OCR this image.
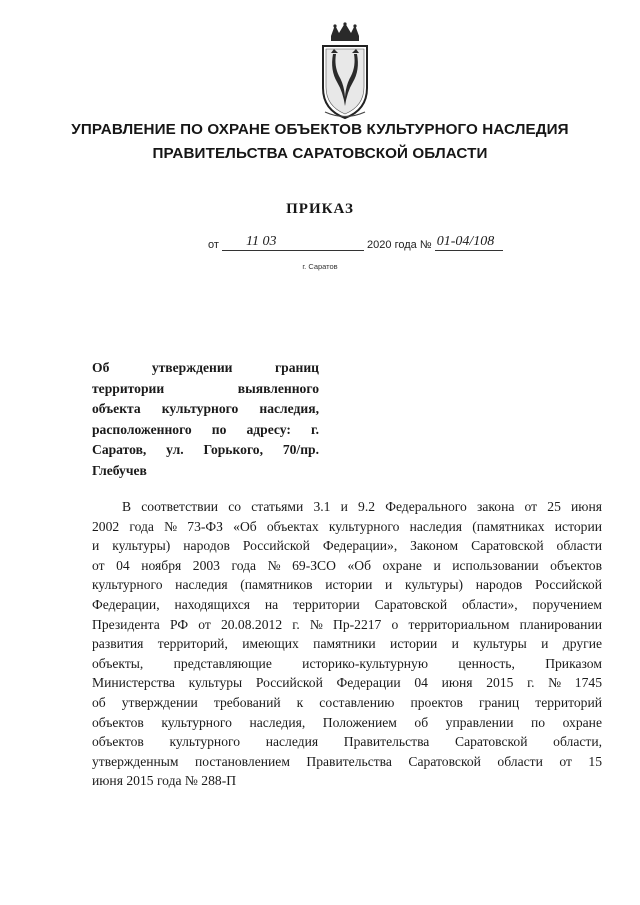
УПРАВЛЕНИЕ ПО ОХРАНЕ ОБЪЕКТОВ КУЛЬТУРНОГО НАСЛЕДИЯ
ПРАВИТЕЛЬСТВА САРАТОВСКОЙ ОБЛАСТИ
ПРИКАЗ
от 11 03	2020 года № 01-04/108
г. Саратов
Об	утверждении	границ
территории	выявленного
объекта культурного наследия,
расположенного по адресу: г.
Саратов, ул. Горького, 70/пр.
Глебучев
В соответствии со статьями 3.1 и 9.2 Федерального закона от 25 июня
2002 года № 73-ФЗ «Об объектах культурного наследия (памятниках истории
и культуры) народов Российской Федерации», Законом Саратовской области
от 04 ноября 2003 года № 69-ЗСО «Об охране и использовании объектов
культурного наследия (памятников истории и культуры) народов Российской
Федерации, находящихся на территории Саратовской области», поручением
Президента РФ от 20.08.2012 г. № Пр-2217 о территориальном планировании
развития территорий, имеющих памятники истории и культуры и другие
объекты, представляющие историко-культурную ценность, Приказом
Министерства культуры Российской Федерации 04 июня 2015 г. № 1745
об утверждении требований к составлению проектов границ территорий
объектов культурного наследия, Положением об управлении по охране
объектов культурного наследия Правительства Саратовской области,
утвержденным постановлением Правительства Саратовской области от 15
июня 2015 года № 288-П
